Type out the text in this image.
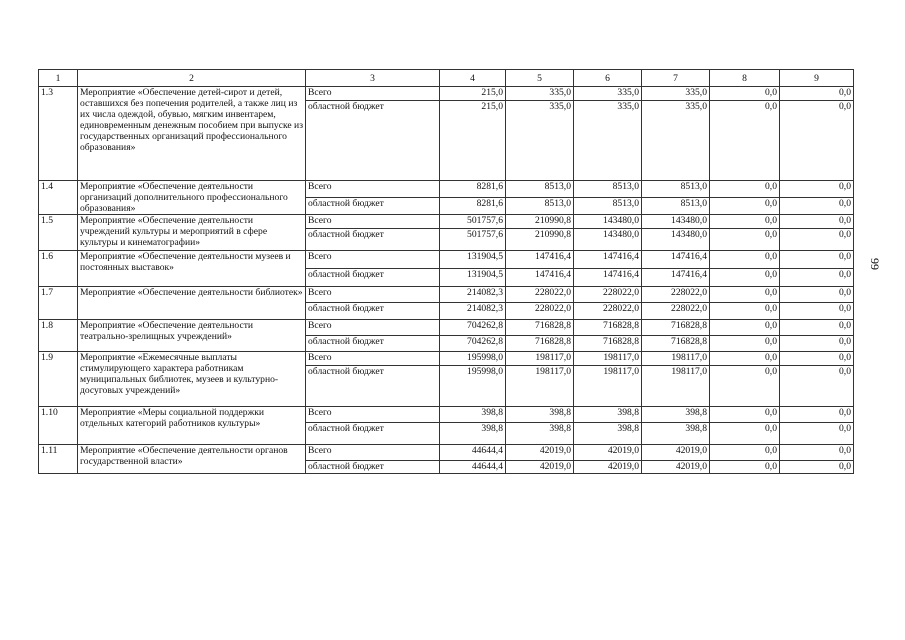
1	2	3	4	5	6	7	8	9
1.3	Мероприятие «Обеспечение детей-сирот и детей, оставшихся без попечения родителей, а также лиц из их числа одеждой, обувью, мягким инвентарем, единовременным денежным пособием при выпуске из государственных организаций профессионального образования»	Всего	215,0	335,0	335,0	335,0	0,0	0,0
		областной бюджет	215,0	335,0	335,0	335,0	0,0	0,0
1.4	Мероприятие «Обеспечение деятельности организаций дополнительного профессионального образования»	Всего	8281,6	8513,0	8513,0	8513,0	0,0	0,0
		областной бюджет	8281,6	8513,0	8513,0	8513,0	0,0	0,0
1.5	Мероприятие «Обеспечение деятельности учреждений культуры и мероприятий в сфере культуры и кинематографии»	Всего	501757,6	210990,8	143480,0	143480,0	0,0	0,0
		областной бюджет	501757,6	210990,8	143480,0	143480,0	0,0	0,0
1.6	Мероприятие «Обеспечение деятельности музеев и постоянных выставок»	Всего	131904,5	147416,4	147416,4	147416,4	0,0	0,0
		областной бюджет	131904,5	147416,4	147416,4	147416,4	0,0	0,0
1.7	Мероприятие «Обеспечение деятельности библиотек»	Всего	214082,3	228022,0	228022,0	228022,0	0,0	0,0
		областной бюджет	214082,3	228022,0	228022,0	228022,0	0,0	0,0
1.8	Мероприятие «Обеспечение деятельности театрально-зрелищных учреждений»	Всего	704262,8	716828,8	716828,8	716828,8	0,0	0,0
		областной бюджет	704262,8	716828,8	716828,8	716828,8	0,0	0,0
1.9	Мероприятие «Ежемесячные выплаты стимулирующего характера работникам муниципальных библиотек, музеев и культурно-досуговых учреждений»	Всего	195998,0	198117,0	198117,0	198117,0	0,0	0,0
		областной бюджет	195998,0	198117,0	198117,0	198117,0	0,0	0,0
1.10	Мероприятие «Меры социальной поддержки отдельных категорий работников культуры»	Всего	398,8	398,8	398,8	398,8	0,0	0,0
		областной бюджет	398,8	398,8	398,8	398,8	0,0	0,0
1.11	Мероприятие «Обеспечение деятельности органов государственной власти»	Всего	44644,4	42019,0	42019,0	42019,0	0,0	0,0
		областной бюджет	44644,4	42019,0	42019,0	42019,0	0,0	0,0
99
